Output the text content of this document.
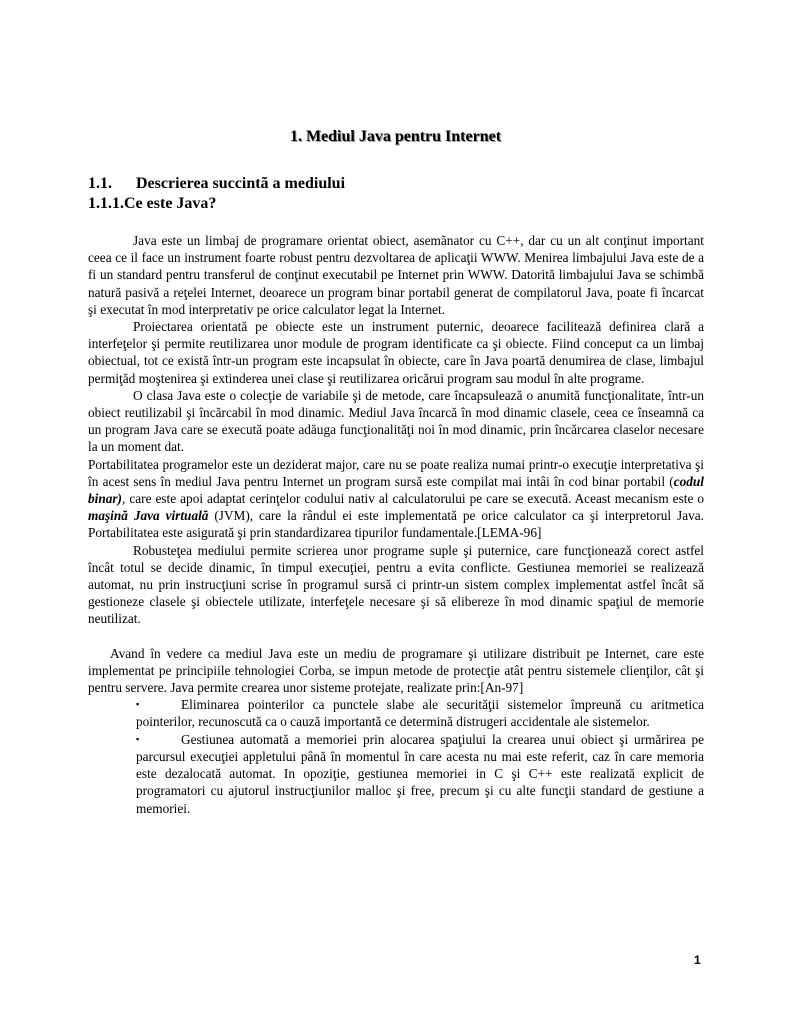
1. Mediul Java pentru Internet
1.1. Descrierea succintã a mediului
1.1.1.Ce este Java?

Java este un limbaj de programare orientat obiect, asemãnator cu C++, dar cu un alt conţinut important ceea ce il face un instrument foarte robust pentru dezvoltarea de aplicaţii WWW. Menirea limbajului Java este de a fi un standard pentru transferul de conţinut executabil pe Internet prin WWW. Datorită limbajului Java se schimbă natură pasivă a reţelei Internet, deoarece un program binar portabil generat de compilatorul Java, poate fi încarcat şi executat în mod interpretativ pe orice calculator legat la Internet.

Proiectarea orientată pe obiecte este un instrument puternic, deoarece facilitează definirea clară a interfeţelor şi permite reutilizarea unor module de program identificate ca şi obiecte. Fiind conceput ca un limbaj obiectual, tot ce există într-un program este incapsulat în obiecte, care în Java poartă denumirea de clase, limbajul permiţăd moştenirea şi extinderea unei clase şi reutilizarea oricărui program sau modul în alte programe.

O clasa Java este o colecţie de variabile şi de metode, care încapsulează o anumită funcţionalitate, într-un obiect reutilizabil şi încărcabil în mod dinamic. Mediul Java încarcă în mod dinamic clasele, ceea ce înseamnă ca un program Java care se execută poate adăuga funcţionalităţi noi în mod dinamic, prin încărcarea claselor necesare la un moment dat.

Portabilitatea programelor este un deziderat major, care nu se poate realiza numai printr-o execuţie interpretativa şi în acest sens în mediul Java pentru Internet un program sursă este compilat mai intâi în cod binar portabil (codul binar), care este apoi adaptat cerinţelor codului nativ al calculatorului pe care se execută. Aceast mecanism este o maşină Java virtuală (JVM), care la rândul ei este implementată pe orice calculator ca şi interpretorul Java. Portabilitatea este asigurată şi prin standardizarea tipurilor fundamentale.[LEMA-96]

Robusteţea mediului permite scrierea unor programe suple şi puternice, care funcţionează corect astfel încât totul se decide dinamic, în timpul execuţiei, pentru a evita conflicte. Gestiunea memoriei se realizează automat, nu prin instrucţiuni scrise în programul sursă ci printr-un sistem complex implementat astfel încât să gestioneze clasele şi obiectele utilizate, interfeţele necesare şi să elibereze în mod dinamic spaţiul de memorie neutilizat.

Avand în vedere ca mediul Java este un mediu de programare şi utilizare distribuit pe Internet, care este implementat pe principiile tehnologiei Corba, se impun metode de protecţie atât pentru sistemele clienţilor, cât şi pentru servere. Java permite crearea unor sisteme protejate, realizate prin:[An-97]

▪	Eliminarea pointerilor ca punctele slabe ale securităţii sistemelor împreună cu aritmetica pointerilor, recunoscută ca o cauză importantă ce determină distrugeri accidentale ale sistemelor.

▪	Gestiunea automată a memoriei prin alocarea spaţiului la crearea unui obiect şi urmărirea pe parcursul execuţiei appletului până în momentul în care acesta nu mai este referit, caz în care memoria este dezalocată automat. In opoziţie, gestiunea memoriei in C şi C++ este realizată explicit de programatori cu ajutorul instrucţiunilor malloc şi free, precum şi cu alte funcţii standard de gestiune a memoriei.

1
